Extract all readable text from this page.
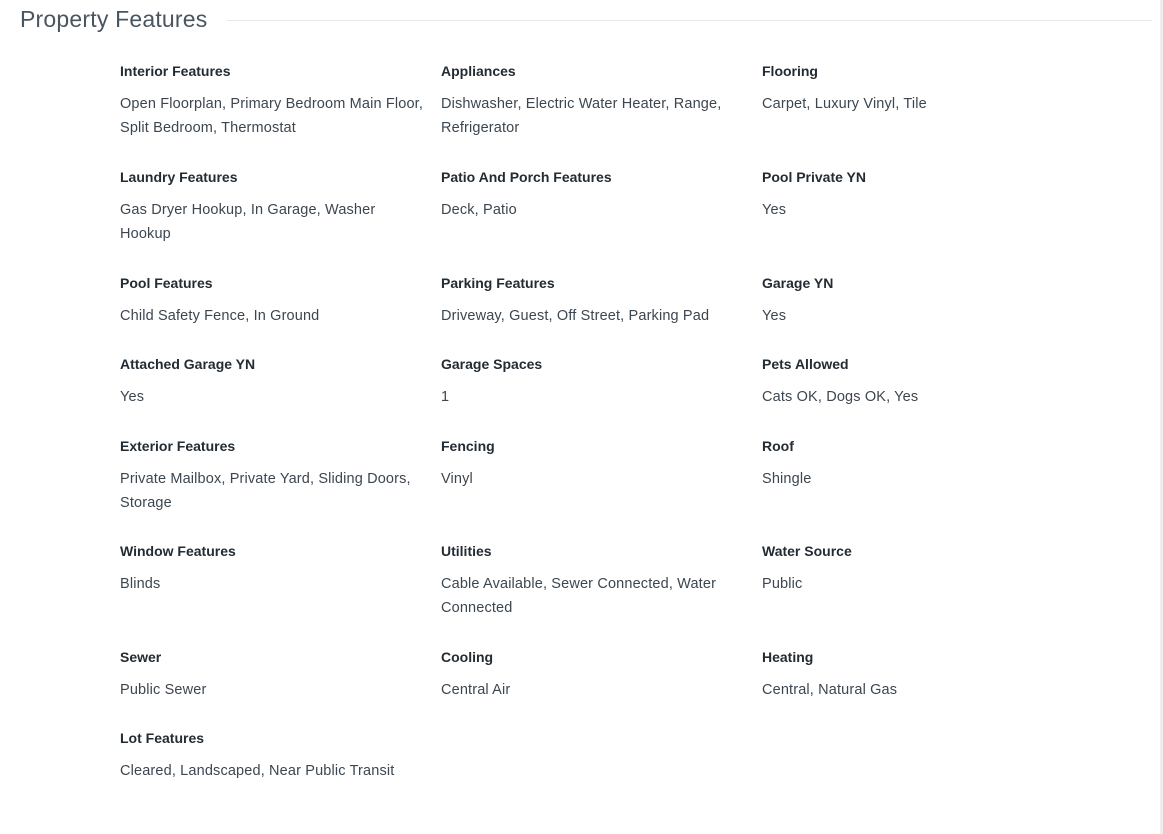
Property Features
Interior Features
Open Floorplan, Primary Bedroom Main Floor, Split Bedroom, Thermostat
Appliances
Dishwasher, Electric Water Heater, Range, Refrigerator
Flooring
Carpet, Luxury Vinyl, Tile
Laundry Features
Gas Dryer Hookup, In Garage, Washer Hookup
Patio And Porch Features
Deck, Patio
Pool Private YN
Yes
Pool Features
Child Safety Fence, In Ground
Parking Features
Driveway, Guest, Off Street, Parking Pad
Garage YN
Yes
Attached Garage YN
Yes
Garage Spaces
1
Pets Allowed
Cats OK, Dogs OK, Yes
Exterior Features
Private Mailbox, Private Yard, Sliding Doors, Storage
Fencing
Vinyl
Roof
Shingle
Window Features
Blinds
Utilities
Cable Available, Sewer Connected, Water Connected
Water Source
Public
Sewer
Public Sewer
Cooling
Central Air
Heating
Central, Natural Gas
Lot Features
Cleared, Landscaped, Near Public Transit
